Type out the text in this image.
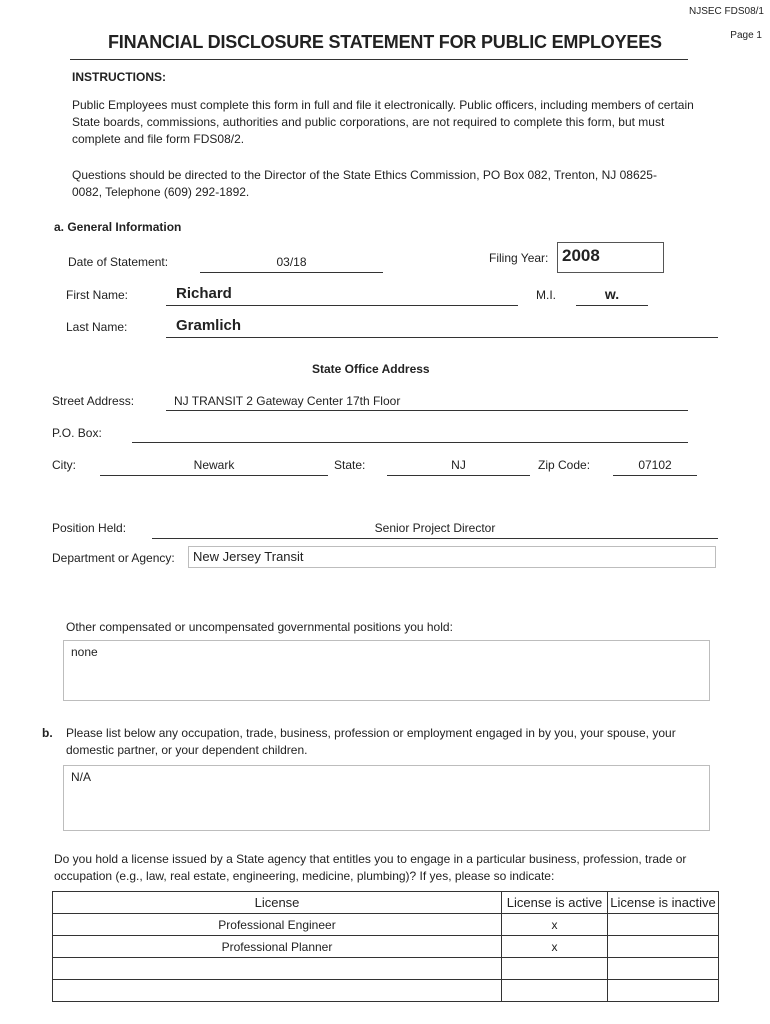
NJSEC FDS08/1
Page 1
FINANCIAL DISCLOSURE STATEMENT FOR PUBLIC EMPLOYEES
INSTRUCTIONS:
Public Employees must complete this form in full and file it electronically. Public officers, including members of certain State boards, commissions, authorities and public corporations, are not required to complete this form, but must complete and file form FDS08/2.
Questions should be directed to the Director of the State Ethics Commission, PO Box 082, Trenton, NJ 08625-0082, Telephone (609) 292-1892.
a. General Information
Date of Statement:	03/18	Filing Year: 2008
First Name:	Richard	M.I.	w.
Last Name:	Gramlich
State Office Address
Street Address:	NJ TRANSIT 2 Gateway Center 17th Floor
P.O. Box:
City:	Newark	State:	NJ	Zip Code:	07102
Position Held:	Senior Project Director
Department or Agency:	New Jersey Transit
Other compensated or uncompensated governmental positions you hold:
none
b. Please list below any occupation, trade, business, profession or employment engaged in by you, your spouse, your domestic partner, or your dependent children.
N/A
Do you hold a license issued by a State agency that entitles you to engage in a particular business, profession, trade or occupation (e.g., law, real estate, engineering, medicine, plumbing)? If yes, please so indicate:
License	License is active	License is inactive
Professional Engineer	x	
Professional Planner	x	
